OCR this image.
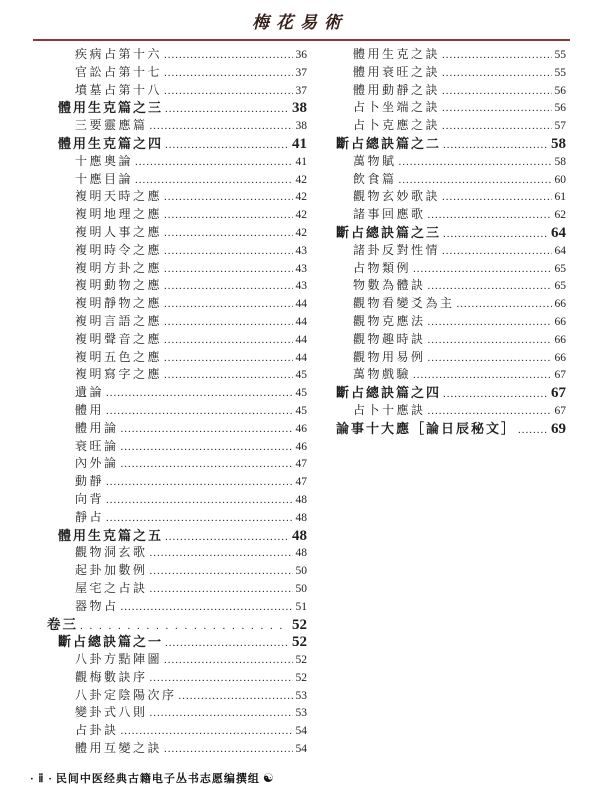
梅花易術
疾病占第十六 .....	36
官訟占第十七 .....	37
墳墓占第十八 .....	37
體用生克篇之三 .....	38
三要靈應篇 .....	38
體用生克篇之四 .....	41
十應奧論 .....	41
十應目論 .....	42
複明天時之應 .....	42
複明地理之應 .....	42
複明人事之應 .....	42
複明時令之應 .....	43
複明方卦之應 .....	43
複明動物之應 .....	43
複明靜物之應 .....	44
複明言語之應 .....	44
複明聲音之應 .....	44
複明五色之應 .....	44
複明寫字之應 .....	45
遺論 .....	45
體用 .....	45
體用論 .....	46
衰旺論 .....	46
內外論 .....	47
動靜 .....	47
向背 .....	48
靜占 .....	48
體用生克篇之五 .....	48
觀物洞玄歌 .....	48
起卦加數例 .....	50
屋宅之占訣 .....	50
器物占 .....	51
卷三 . . .	52
斷占總訣篇之一 .....	52
八卦方點陣圖 .....	52
觀梅數訣序 .....	52
八卦定陰陽次序 .....	53
變卦式八則 .....	53
占卦訣 .....	54
體用互變之訣 .....	54
體用生克之訣 .....	55
體用衰旺之訣 .....	55
體用動靜之訣 .....	56
占卜坐端之訣 .....	56
占卜克應之訣 .....	57
斷占總訣篇之二 .....	58
萬物賦 .....	58
飲食篇 .....	60
觀物玄妙歌訣 .....	61
諸事回應歌 .....	62
斷占總訣篇之三 .....	64
諸卦反對性情 .....	64
占物類例 .....	65
物數為體訣 .....	65
觀物看變爻為主 .....	66
觀物克應法 .....	66
觀物趣時訣 .....	66
觀物用易例 .....	66
萬物戲驗 .....	67
斷占總訣篇之四 .....	67
占卜十應訣 .....	67
論事十大應［論日辰秘文］ ..... 69
· ⅱ · 民间中医经典古籍电子丛书志愿编撰组 ☯
